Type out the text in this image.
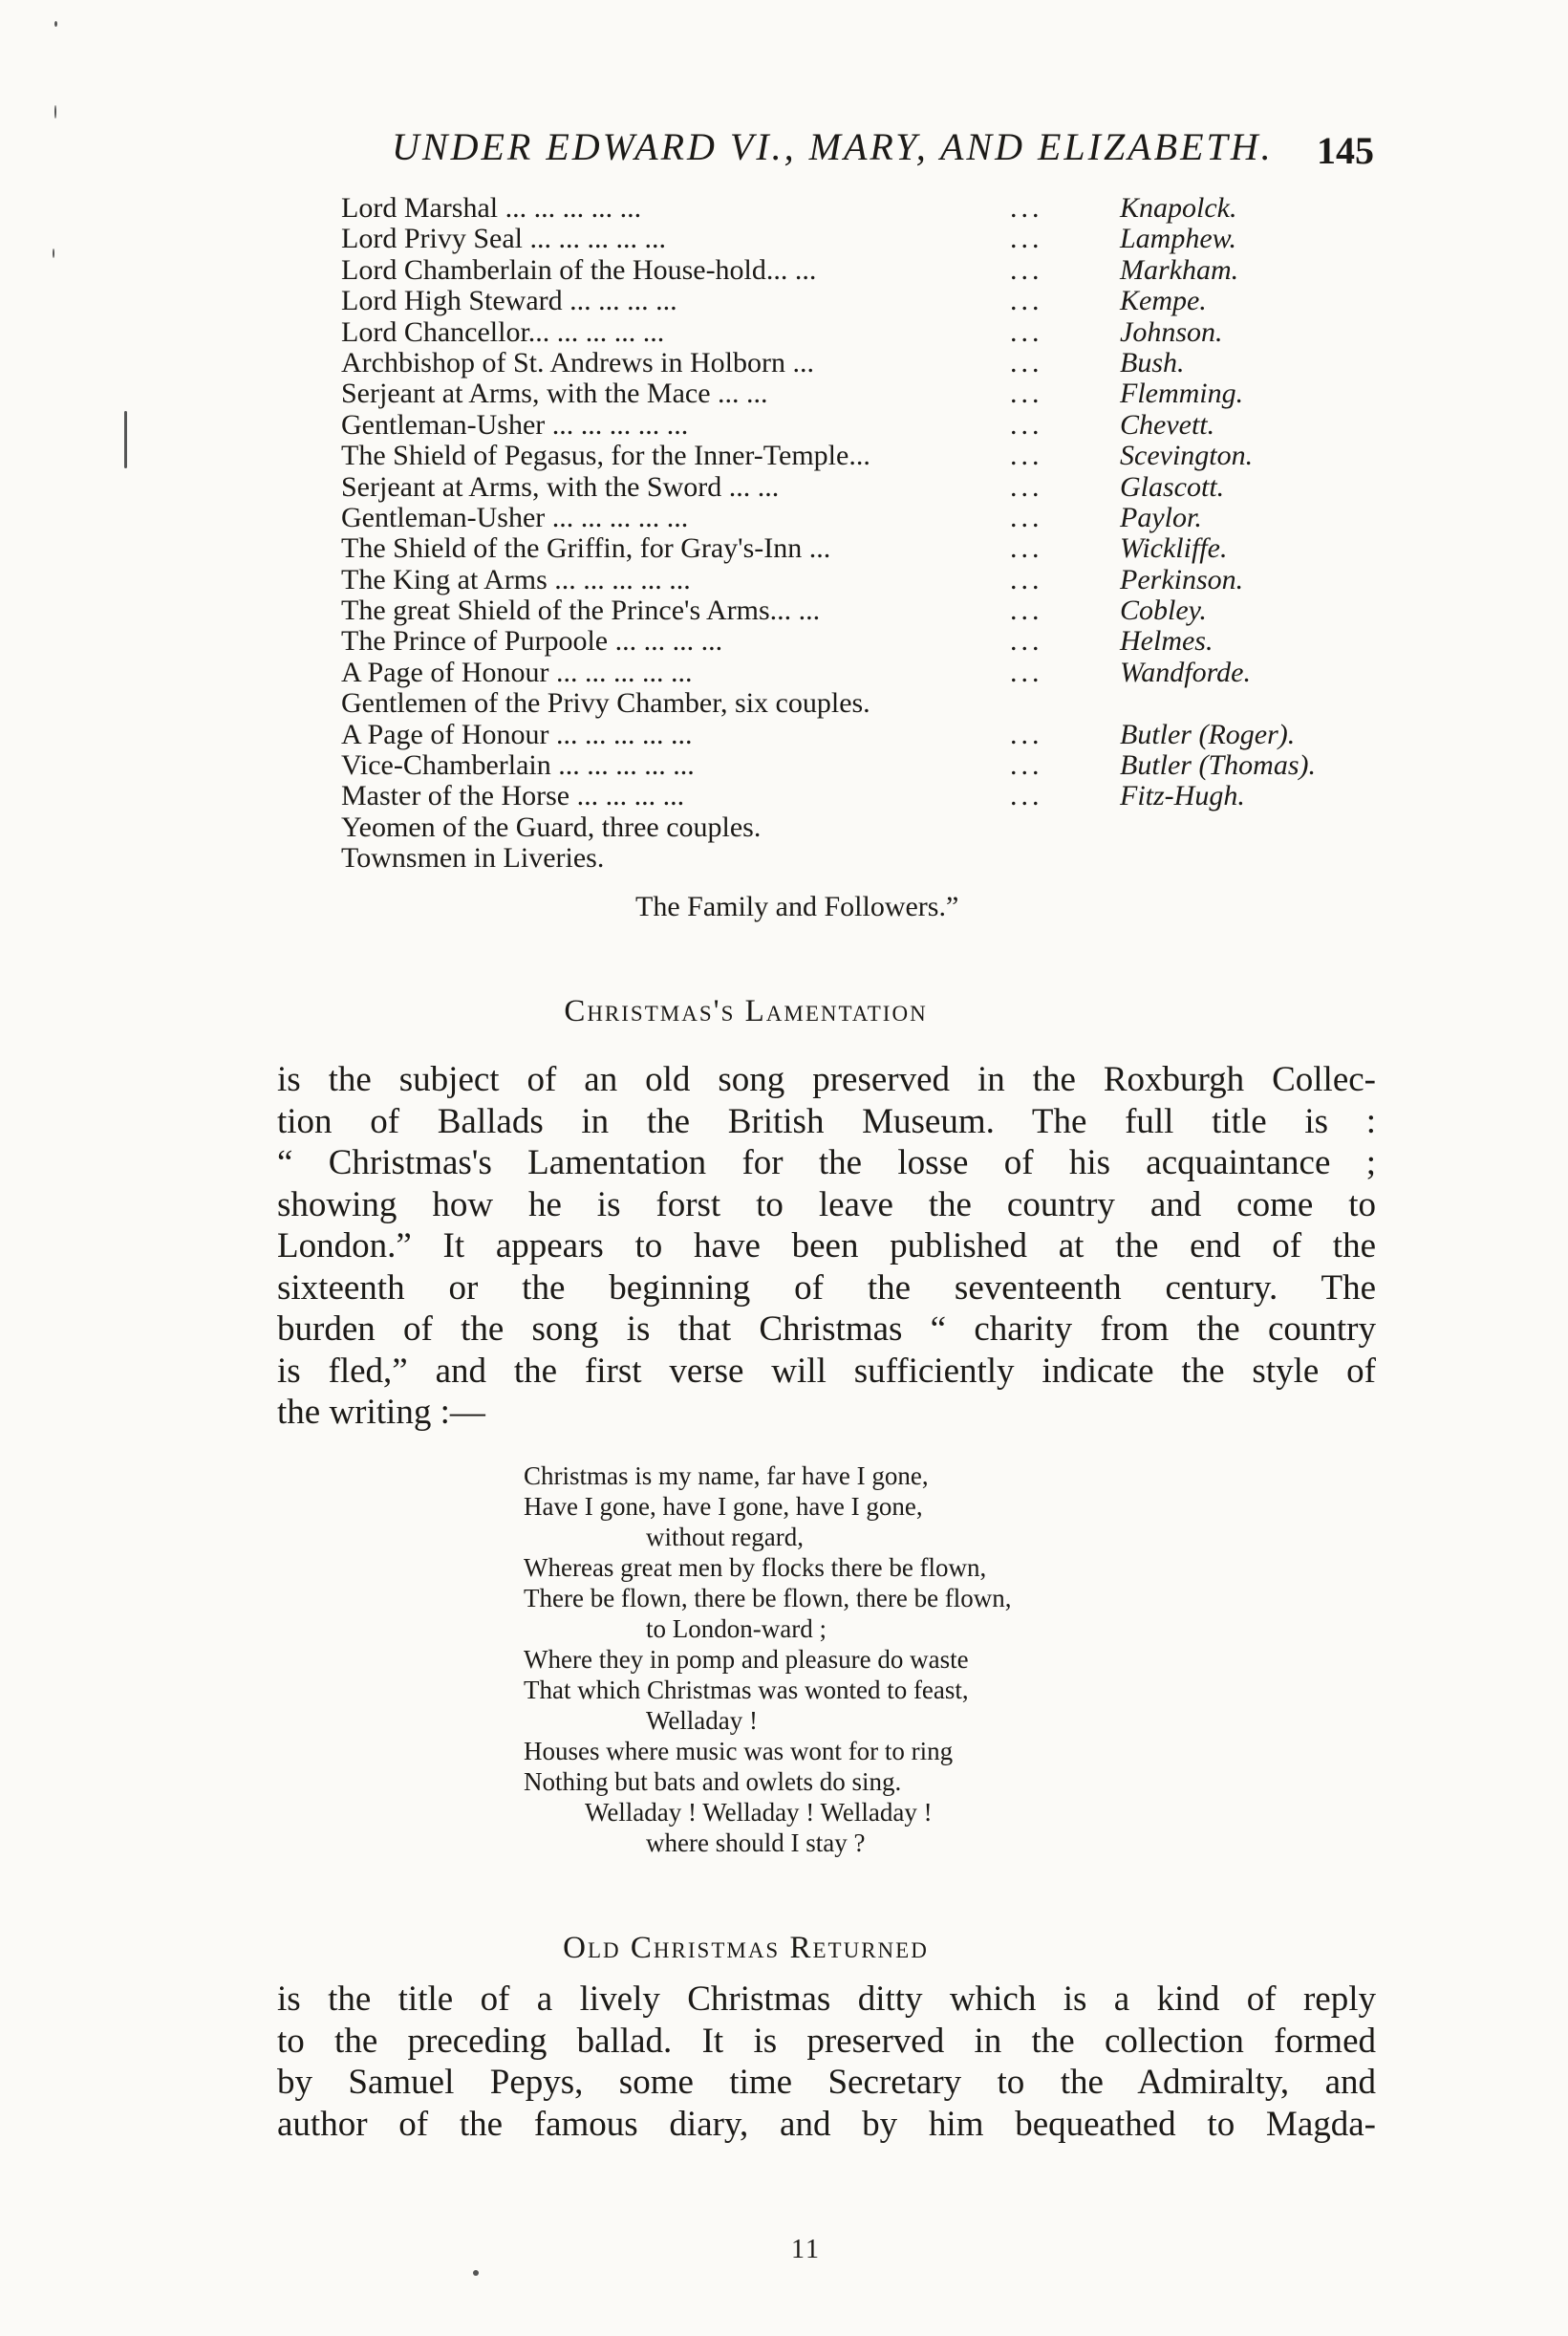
UNDER EDWARD VI., MARY, AND ELIZABETH.	145
Lord Marshal ... ... ... ... ...	...	Knapolck.
Lord Privy Seal ... ... ... ... ...	...	Lamphew.
Lord Chamberlain of the House-hold... ...	...	Markham.
Lord High Steward ... ... ... ...	...	Kempe.
Lord Chancellor... ... ... ... ...	...	Johnson.
Archbishop of St. Andrews in Holborn ...	...	Bush.
Serjeant at Arms, with the Mace ... ...	...	Flemming.
Gentleman-Usher ... ... ... ... ...	...	Chevett.
The Shield of Pegasus, for the Inner-Temple...	...	Scevington.
Serjeant at Arms, with the Sword ... ...	...	Glascott.
Gentleman-Usher ... ... ... ... ...	...	Paylor.
The Shield of the Griffin, for Gray's-Inn ...	...	Wickliffe.
The King at Arms ... ... ... ... ...	...	Perkinson.
The great Shield of the Prince's Arms... ...	...	Cobley.
The Prince of Purpoole ... ... ... ...	...	Helmes.
A Page of Honour ... ... ... ... ...	...	Wandforde.
Gentlemen of the Privy Chamber, six couples.
A Page of Honour ... ... ... ... ...	...	Butler (Roger).
Vice-Chamberlain ... ... ... ... ...	...	Butler (Thomas).
Master of the Horse ... ... ... ...	...	Fitz-Hugh.
Yeomen of the Guard, three couples.
Townsmen in Liveries.
The Family and Followers.”
Christmas's Lamentation
is the subject of an old song preserved in the Roxburgh Collec-
tion of Ballads in the British Museum. The full title is :
“ Christmas's Lamentation for the losse of his acquaintance ;
showing how he is forst to leave the country and come to
London.” It appears to have been published at the end of the
sixteenth or the beginning of the seventeenth century. The
burden of the song is that Christmas “ charity from the country
is fled,” and the first verse will sufficiently indicate the style of
the writing :—
Christmas is my name, far have I gone,
Have I gone, have I gone, have I gone,
without regard,
Whereas great men by flocks there be flown,
There be flown, there be flown, there be flown,
to London-ward ;
Where they in pomp and pleasure do waste
That which Christmas was wonted to feast,
Welladay !
Houses where music was wont for to ring
Nothing but bats and owlets do sing.
Welladay ! Welladay ! Welladay !
where should I stay ?
Old Christmas Returned
is the title of a lively Christmas ditty which is a kind of reply
to the preceding ballad. It is preserved in the collection formed
by Samuel Pepys, some time Secretary to the Admiralty, and
author of the famous diary, and by him bequeathed to Magda-
11
